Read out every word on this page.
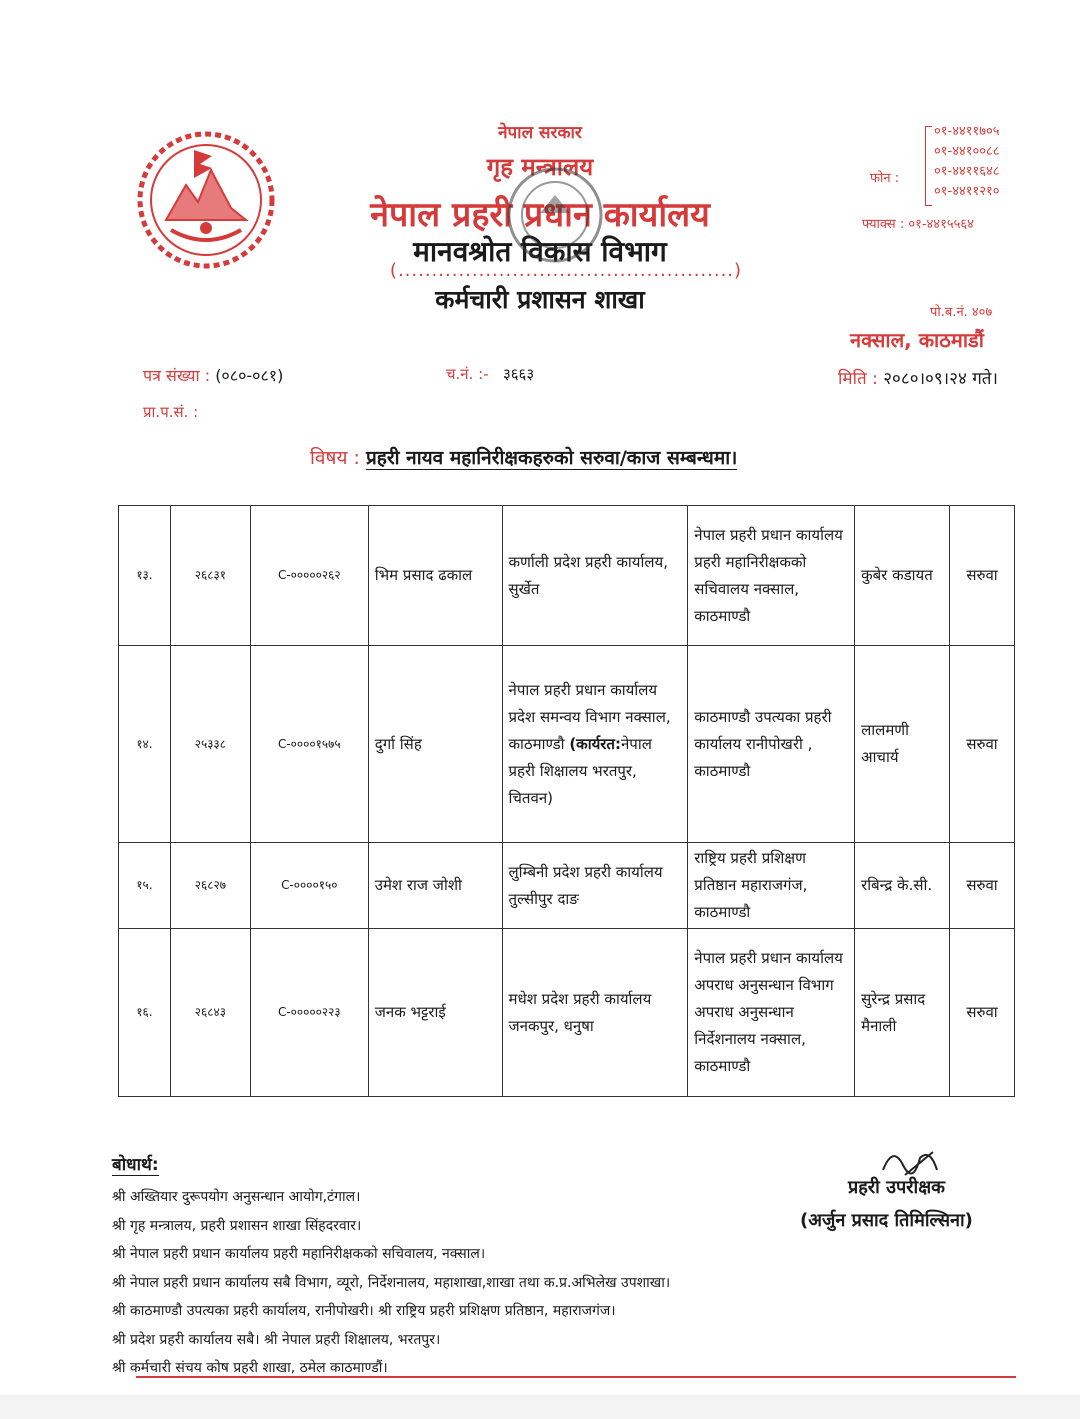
नेपाल सरकार
गृह मन्त्रालय
नेपाल प्रहरी प्रधान कार्यालय
मानवश्रोत विकास विभाग
(..................................................)
कर्मचारी प्रशासन शाखा
फोन :
०१-४४११७०५
०१-४४१००८८
०१-४४११६४८
०१-४४११२१०
फ्याक्स : ०१-४४१५५६४
पो.ब.नं. ४०७
नक्साल, काठमाडौं
पत्र संख्या : (०८०-०८१)	च.नं. :- ३६६३	मिति : २०८०।०९।२४ गते।
प्रा.प.सं. :
विषय : प्रहरी नायव महानिरीक्षकहरुको सरुवा/काज सम्बन्धमा।
१३.	२६८३१	C-०००००२६२	भिम प्रसाद ढकाल	कर्णाली प्रदेश प्रहरी कार्यालय, सुर्खेत	नेपाल प्रहरी प्रधान कार्यालय प्रहरी महानिरीक्षकको सचिवालय नक्साल, काठमाण्डौ	कुबेर कडायत	सरुवा
१४.	२५३३८	C-००००१५७५	दुर्गा सिंह	नेपाल प्रहरी प्रधान कार्यालय प्रदेश समन्वय विभाग नक्साल, काठमाण्डौ (कार्यरत:नेपाल प्रहरी शिक्षालय भरतपुर, चितवन)	काठमाण्डौ उपत्यका प्रहरी कार्यालय रानीपोखरी , काठमाण्डौ	लालमणी आचार्य	सरुवा
१५.	२६८२७	C-००००१५०	उमेश राज जोशी	लुम्बिनी प्रदेश प्रहरी कार्यालय तुल्सीपुर दाङ	राष्ट्रिय प्रहरी प्रशिक्षण प्रतिष्ठान महाराजगंज, काठमाण्डौ	रबिन्द्र के.सी.	सरुवा
१६.	२६८४३	C-०००००२२३	जनक भट्टराई	मधेश प्रदेश प्रहरी कार्यालय जनकपुर, धनुषा	नेपाल प्रहरी प्रधान कार्यालय अपराध अनुसन्धान विभाग अपराध अनुसन्धान निर्देशनालय नक्साल, काठमाण्डौ	सुरेन्द्र प्रसाद मैनाली	सरुवा
बोधार्थ:
श्री अख्तियार दुरूपयोग अनुसन्धान आयोग,टंगाल।
श्री गृह मन्त्रालय, प्रहरी प्रशासन शाखा सिंहदरवार।
श्री नेपाल प्रहरी प्रधान कार्यालय प्रहरी महानिरीक्षकको सचिवालय, नक्साल।
श्री नेपाल प्रहरी प्रधान कार्यालय सबै विभाग, व्यूरो, निर्देशनालय, महाशाखा,शाखा तथा क.प्र.अभिलेख उपशाखा।
श्री काठमाण्डौ उपत्यका प्रहरी कार्यालय, रानीपोखरी। श्री राष्ट्रिय प्रहरी प्रशिक्षण प्रतिष्ठान, महाराजगंज।
श्री प्रदेश प्रहरी कार्यालय सबै। श्री नेपाल प्रहरी शिक्षालय, भरतपुर।
श्री कर्मचारी संचय कोष प्रहरी शाखा, ठमेल काठमाण्डौं।
प्रहरी उपरीक्षक
(अर्जुन प्रसाद तिमिल्सिना)
